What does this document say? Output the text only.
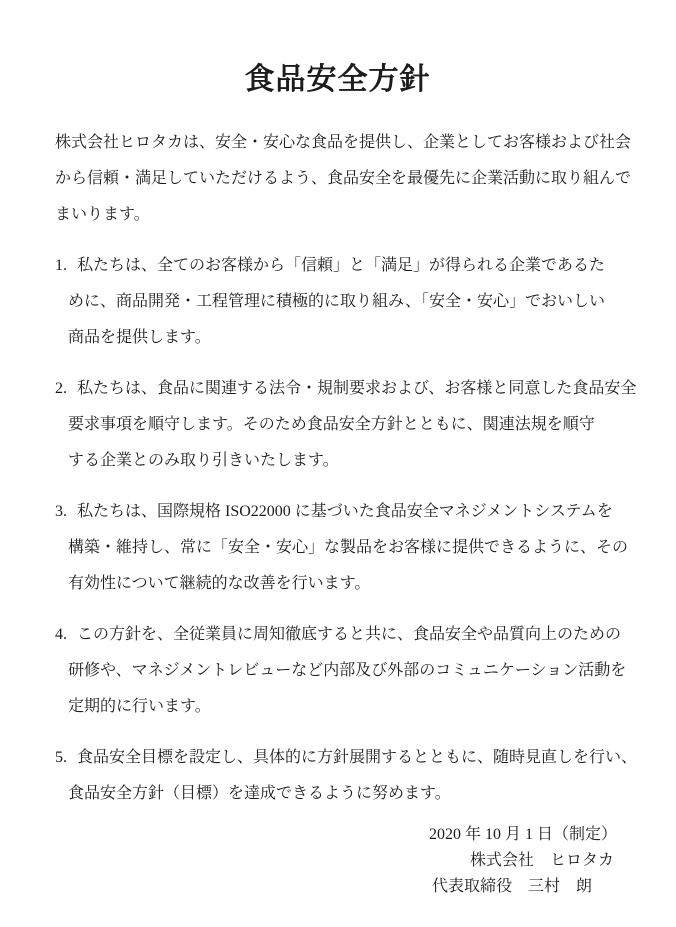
食品安全方針
株式会社ヒロタカは、安全・安心な食品を提供し、企業としてお客様および社会
から信頼・満足していただけるよう、食品安全を最優先に企業活動に取り組んで
まいります。
1. 私たちは、全てのお客様から「信頼」と「満足」が得られる企業であるた
めに、商品開発・工程管理に積極的に取り組み、「安全・安心」でおいしい
商品を提供します。
2. 私たちは、食品に関連する法令・規制要求および、お客様と同意した食品安全
要求事項を順守します。そのため食品安全方針とともに、関連法規を順守
する企業とのみ取り引きいたします。
3. 私たちは、国際規格 ISO22000 に基づいた食品安全マネジメントシステムを
構築・維持し、常に「安全・安心」な製品をお客様に提供できるように、その
有効性について継続的な改善を行います。
4. この方針を、全従業員に周知徹底すると共に、食品安全や品質向上のための
研修や、マネジメントレビューなど内部及び外部のコミュニケーション活動を
定期的に行います。
5. 食品安全目標を設定し、具体的に方針展開するとともに、随時見直しを行い、
食品安全方針（目標）を達成できるように努めます。
2020 年 10 月 1 日（制定）
株式会社　ヒロタカ
代表取締役　三村　朗
